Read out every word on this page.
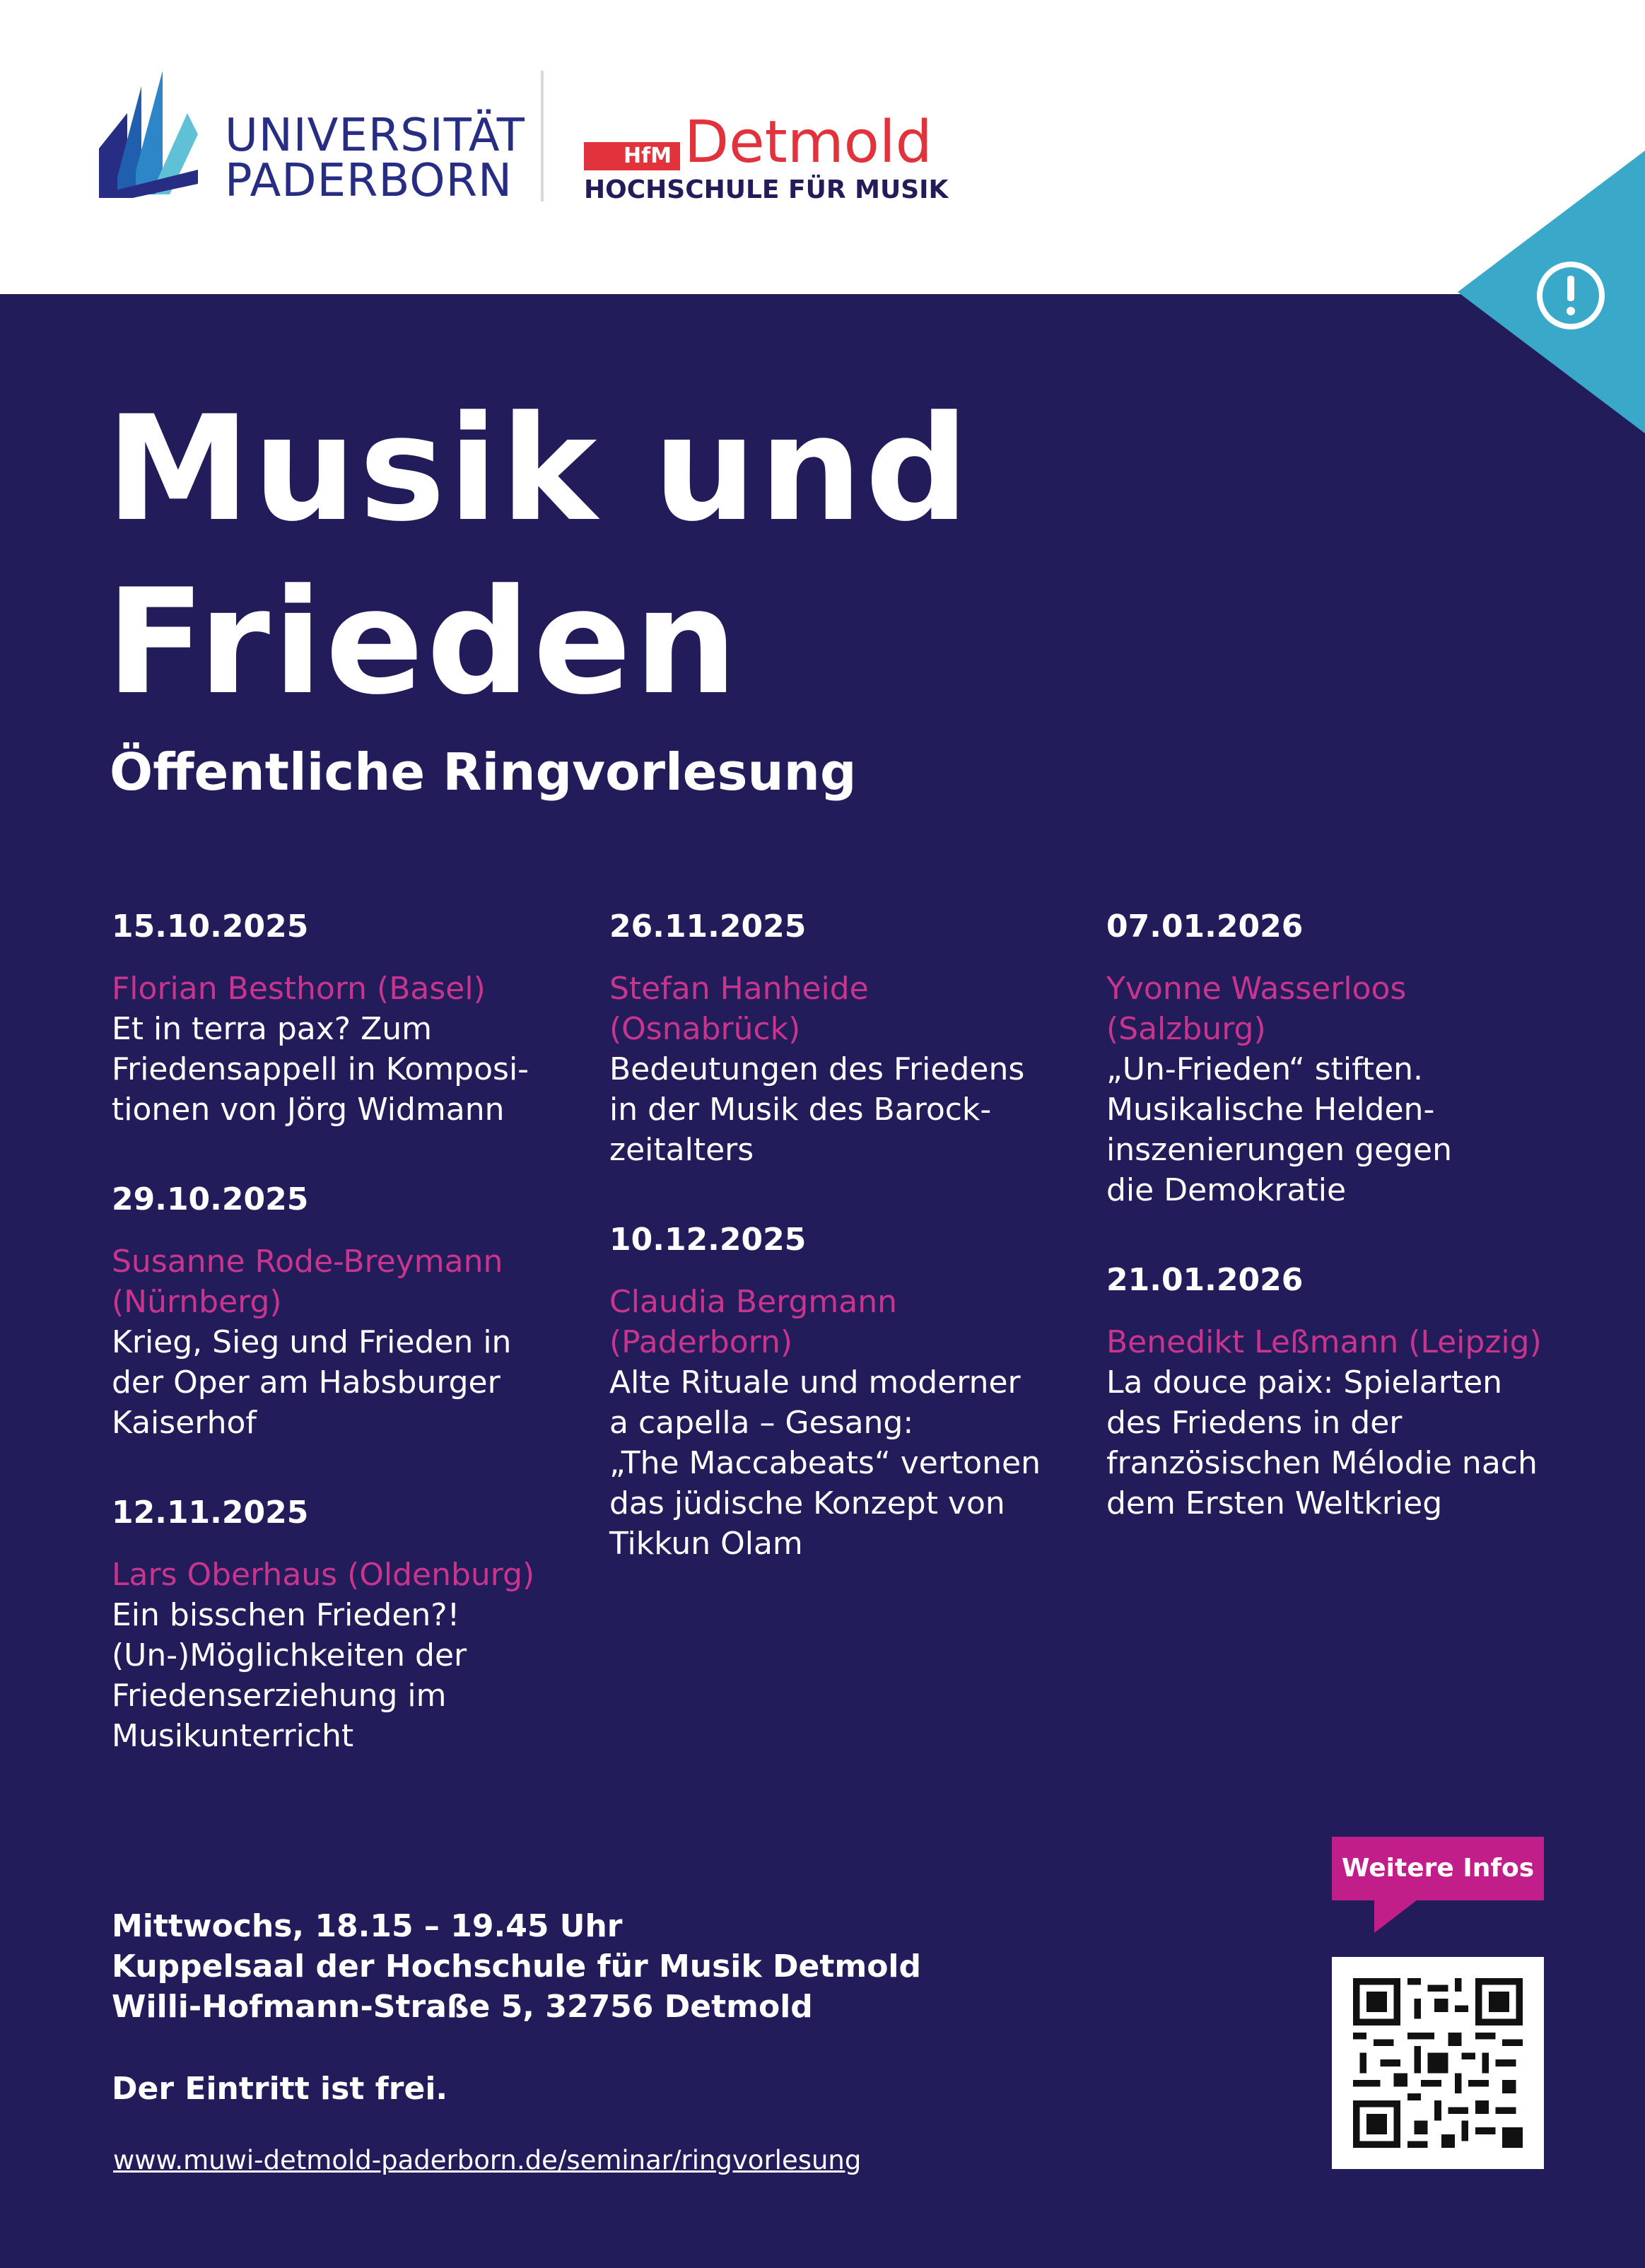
UNIVERSITÄT
PADERBORN	HfM Detmold
HOCHSCHULE FÜR MUSIK
Musik und
Frieden
Öffentliche Ringvorlesung
15.10.2025
Florian Besthorn (Basel)
Et in terra pax? Zum
Friedensappell in Komposi-
tionen von Jörg Widmann
29.10.2025
Susanne Rode-Breymann
(Nürnberg)
Krieg, Sieg und Frieden in
der Oper am Habsburger
Kaiserhof
12.11.2025
Lars Oberhaus (Oldenburg)
Ein bisschen Frieden?!
(Un-)Möglichkeiten der
Friedenserziehung im
Musikunterricht
26.11.2025
Stefan Hanheide
(Osnabrück)
Bedeutungen des Friedens
in der Musik des Barock-
zeitalters
10.12.2025
Claudia Bergmann
(Paderborn)
Alte Rituale und moderner
a capella – Gesang:
„The Maccabeats“ vertonen
das jüdische Konzept von
Tikkun Olam
07.01.2026
Yvonne Wasserloos
(Salzburg)
„Un-Frieden“ stiften.
Musikalische Helden-
inszenierungen gegen
die Demokratie
21.01.2026
Benedikt Leßmann (Leipzig)
La douce paix: Spielarten
des Friedens in der
französischen Mélodie nach
dem Ersten Weltkrieg
Mittwochs, 18.15 – 19.45 Uhr
Kuppelsaal der Hochschule für Musik Detmold
Willi-Hofmann-Straße 5, 32756 Detmold
Der Eintritt ist frei.
www.muwi-detmold-paderborn.de/seminar/ringvorlesung
Weitere Infos
